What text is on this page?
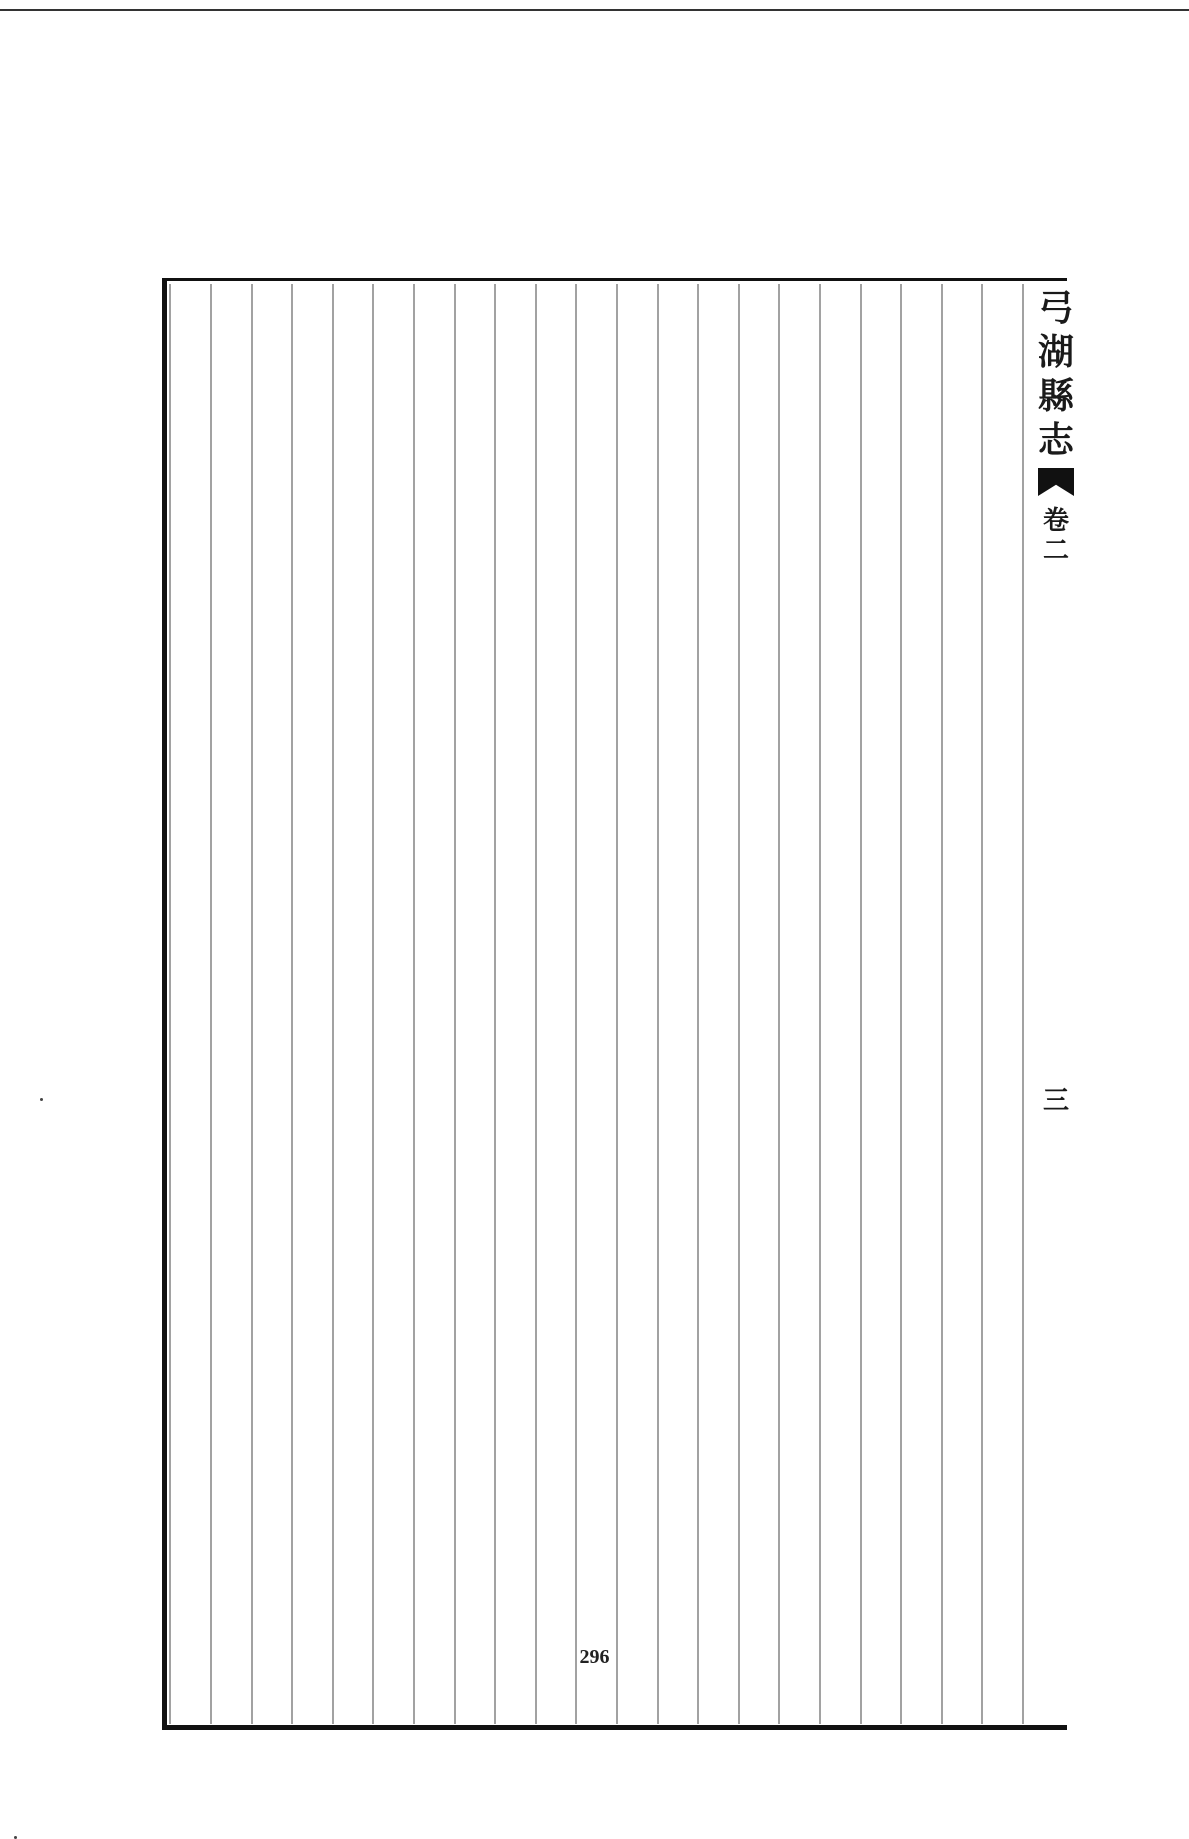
弓
湖
縣
志
卷
二
三
296
